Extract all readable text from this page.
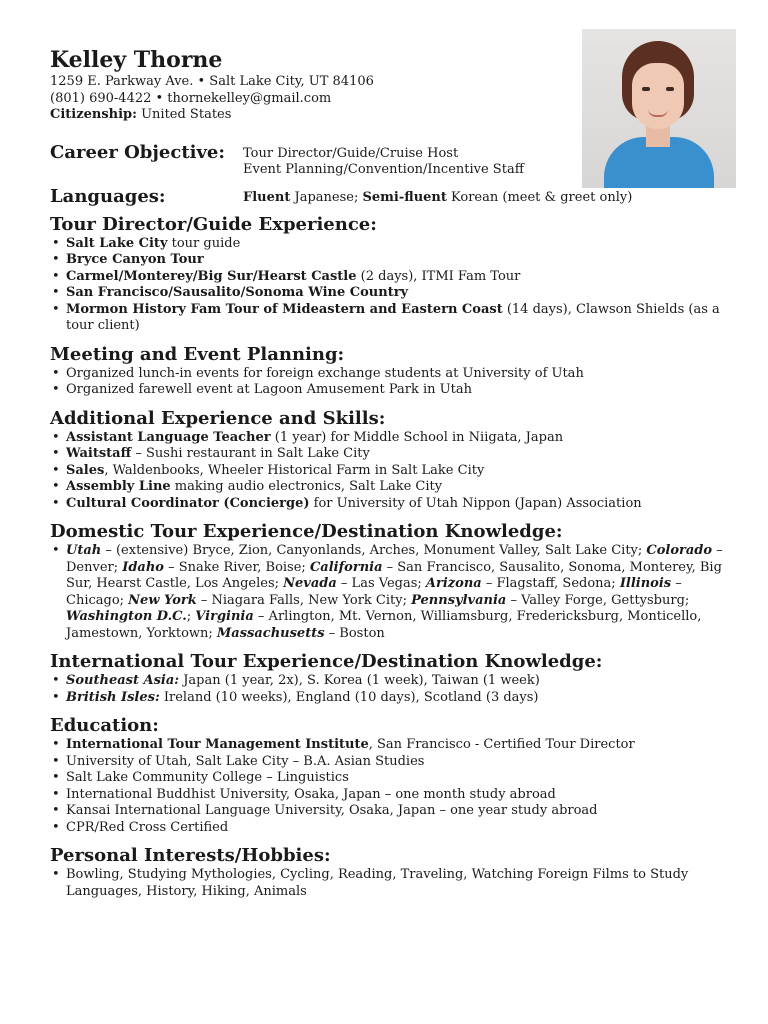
Kelley Thorne
1259 E. Parkway Ave. • Salt Lake City, UT 84106
(801) 690-4422 • thornekelley@gmail.com
Citizenship: United States
Career Objective: Tour Director/Guide/Cruise Host
Event Planning/Convention/Incentive Staff
Languages:	Fluent Japanese; Semi-fluent Korean (meet & greet only)
Tour Director/Guide Experience:
• Salt Lake City tour guide
• Bryce Canyon Tour
• Carmel/Monterey/Big Sur/Hearst Castle (2 days), ITMI Fam Tour
• San Francisco/Sausalito/Sonoma Wine Country
• Mormon History Fam Tour of Mideastern and Eastern Coast (14 days), Clawson Shields (as a tour client)
Meeting and Event Planning:
• Organized lunch-in events for foreign exchange students at University of Utah
• Organized farewell event at Lagoon Amusement Park in Utah
Additional Experience and Skills:
• Assistant Language Teacher (1 year) for Middle School in Niigata, Japan
• Waitstaff – Sushi restaurant in Salt Lake City
• Sales, Waldenbooks, Wheeler Historical Farm in Salt Lake City
• Assembly Line making audio electronics, Salt Lake City
• Cultural Coordinator (Concierge) for University of Utah Nippon (Japan) Association
Domestic Tour Experience/Destination Knowledge:
• Utah – (extensive) Bryce, Zion, Canyonlands, Arches, Monument Valley, Salt Lake City; Colorado – Denver; Idaho – Snake River, Boise; California – San Francisco, Sausalito, Sonoma, Monterey, Big Sur, Hearst Castle, Los Angeles; Nevada – Las Vegas; Arizona – Flagstaff, Sedona; Illinois – Chicago; New York – Niagara Falls, New York City; Pennsylvania – Valley Forge, Gettysburg; Washington D.C.; Virginia – Arlington, Mt. Vernon, Williamsburg, Fredericksburg, Monticello, Jamestown, Yorktown; Massachusetts – Boston
International Tour Experience/Destination Knowledge:
• Southeast Asia: Japan (1 year, 2x), S. Korea (1 week), Taiwan (1 week)
• British Isles: Ireland (10 weeks), England (10 days), Scotland (3 days)
Education:
• International Tour Management Institute, San Francisco - Certified Tour Director
• University of Utah, Salt Lake City – B.A. Asian Studies
• Salt Lake Community College – Linguistics
• International Buddhist University, Osaka, Japan – one month study abroad
• Kansai International Language University, Osaka, Japan – one year study abroad
• CPR/Red Cross Certified
Personal Interests/Hobbies:
• Bowling, Studying Mythologies, Cycling, Reading, Traveling, Watching Foreign Films to Study Languages, History, Hiking, Animals
